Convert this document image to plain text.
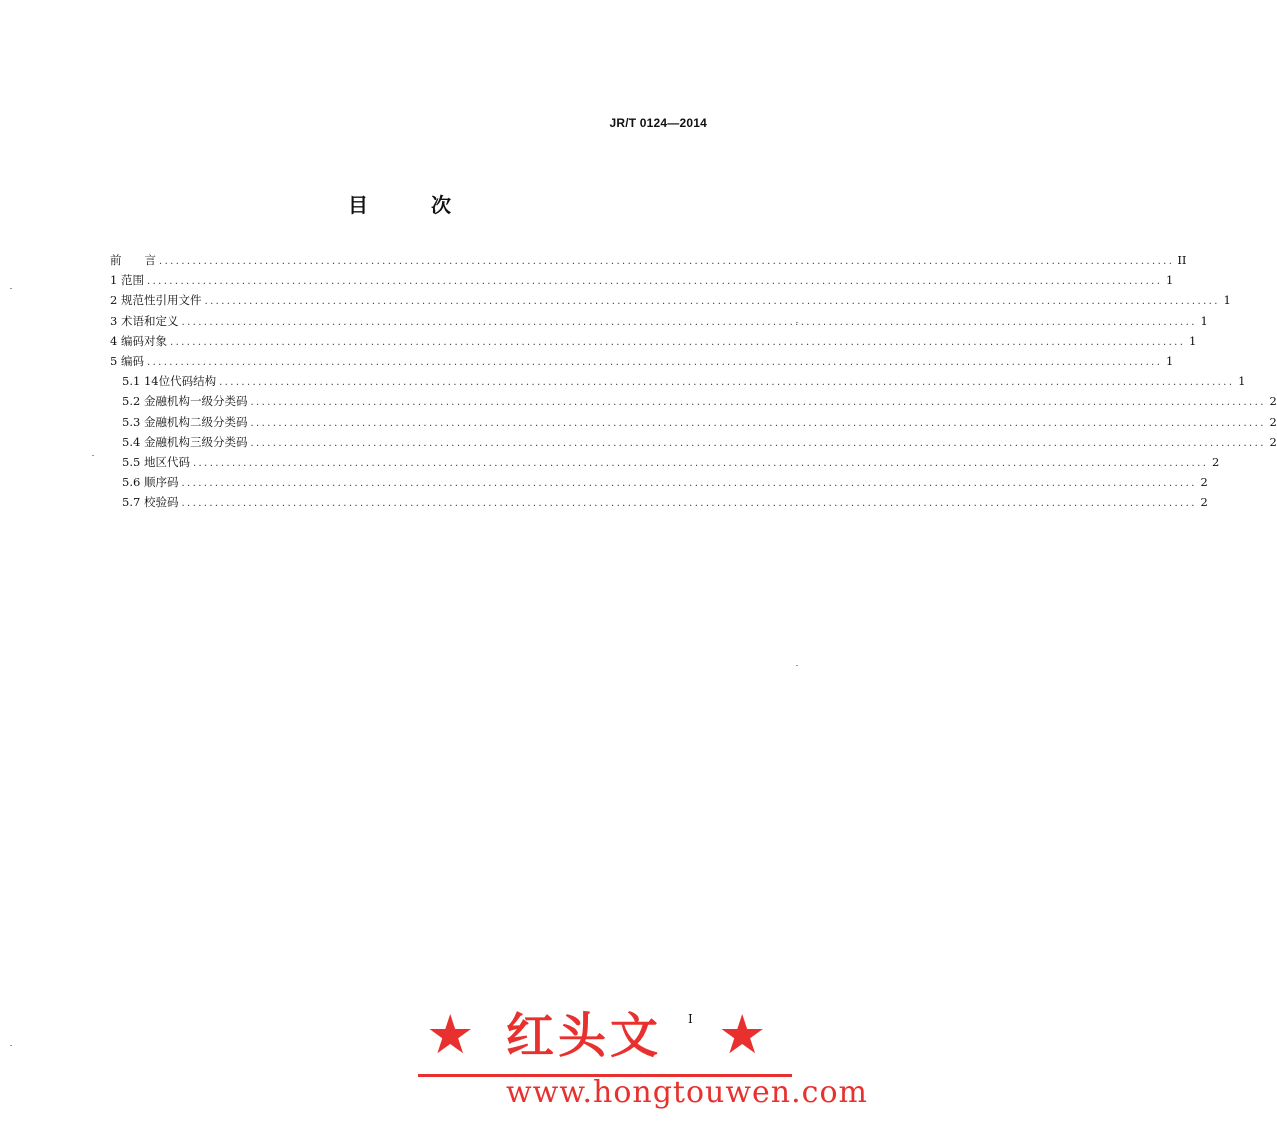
JR/T 0124—2014
目 次
前　　言 .....	II
1 范围 .....	1
2 规范性引用文件 .....	1
3 术语和定义 .....	1
4 编码对象 .....	1
5 编码 .....	1
5.1 14位代码结构 .....	1
5.2 金融机构一级分类码 .....	2
5.3 金融机构二级分类码 .....	2
5.4 金融机构三级分类码 .....	2
5.5 地区代码 .....	2
5.6 顺序码 .....	2
5.7 校验码 .....	2
I
★ 红头文 ★
www.hongtouwen.com
